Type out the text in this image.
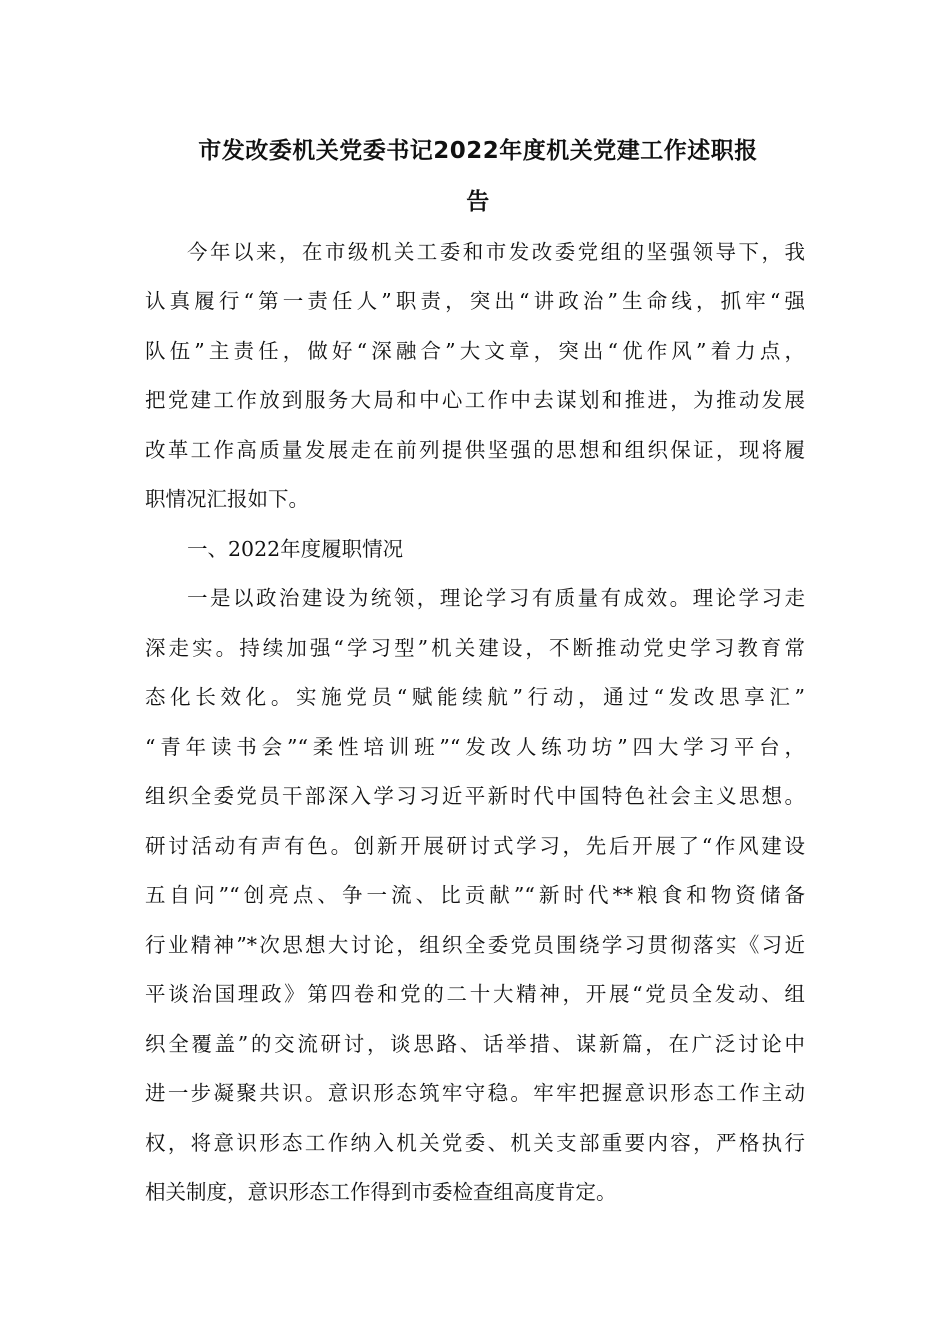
市发改委机关党委书记2022年度机关党建工作述职报
告
今年以来，在市级机关工委和市发改委党组的坚强领导下，我
认真履行“第一责任人”职责，突出“讲政治”生命线，抓牢“强
队伍”主责任，做好“深融合”大文章，突出“优作风”着力点，
把党建工作放到服务大局和中心工作中去谋划和推进，为推动发展
改革工作高质量发展走在前列提供坚强的思想和组织保证，现将履
职情况汇报如下。
一、2022年度履职情况
一是以政治建设为统领，理论学习有质量有成效。理论学习走
深走实。持续加强“学习型”机关建设，不断推动党史学习教育常
态化长效化。实施党员“赋能续航”行动，通过“发改思享汇”
“青年读书会”“柔性培训班”“发改人练功坊”四大学习平台，
组织全委党员干部深入学习习近平新时代中国特色社会主义思想。
研讨活动有声有色。创新开展研讨式学习，先后开展了“作风建设
五自问”“创亮点、争一流、比贡献”“新时代**粮食和物资储备
行业精神”*次思想大讨论，组织全委党员围绕学习贯彻落实《习近
平谈治国理政》第四卷和党的二十大精神，开展“党员全发动、组
织全覆盖”的交流研讨，谈思路、话举措、谋新篇，在广泛讨论中
进一步凝聚共识。意识形态筑牢守稳。牢牢把握意识形态工作主动
权，将意识形态工作纳入机关党委、机关支部重要内容，严格执行
相关制度，意识形态工作得到市委检查组高度肯定。
